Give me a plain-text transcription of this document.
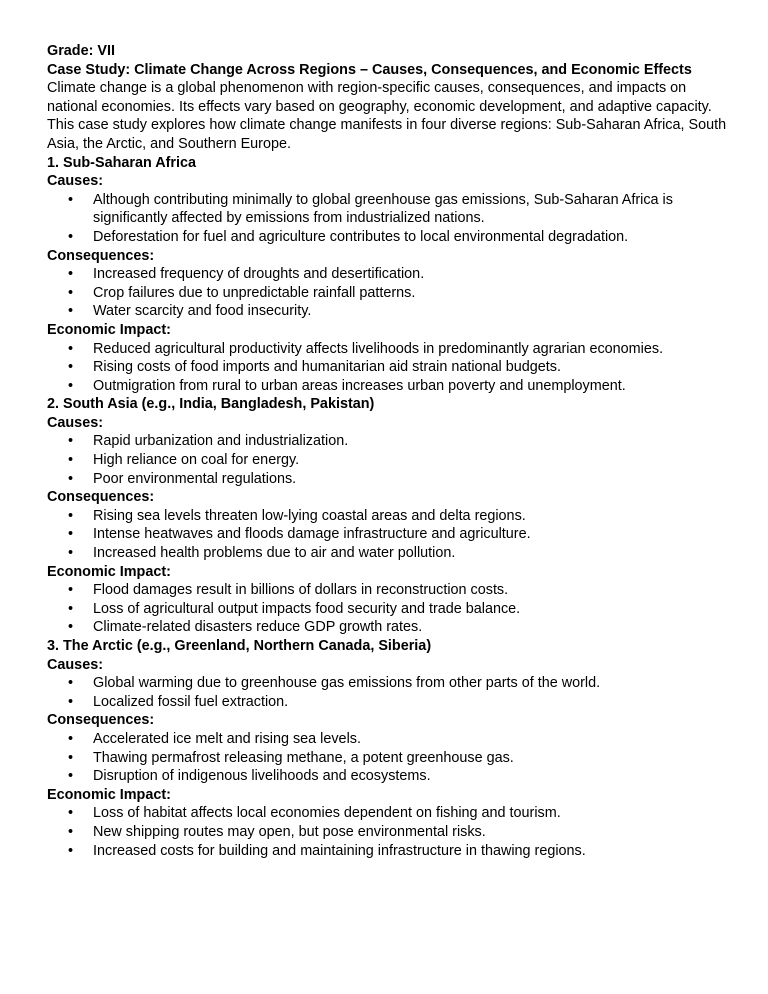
Grade: VII

Case Study: Climate Change Across Regions – Causes, Consequences, and Economic Effects

Climate change is a global phenomenon with region-specific causes, consequences, and impacts on national economies. Its effects vary based on geography, economic development, and adaptive capacity. This case study explores how climate change manifests in four diverse regions: Sub-Saharan Africa, South Asia, the Arctic, and Southern Europe.

1. Sub-Saharan Africa

Causes:

• Although contributing minimally to global greenhouse gas emissions, Sub-Saharan Africa is significantly affected by emissions from industrialized nations.
• Deforestation for fuel and agriculture contributes to local environmental degradation.

Consequences:

• Increased frequency of droughts and desertification.
• Crop failures due to unpredictable rainfall patterns.
• Water scarcity and food insecurity.

Economic Impact:

• Reduced agricultural productivity affects livelihoods in predominantly agrarian economies.
• Rising costs of food imports and humanitarian aid strain national budgets.
• Outmigration from rural to urban areas increases urban poverty and unemployment.

2. South Asia (e.g., India, Bangladesh, Pakistan)

Causes:

• Rapid urbanization and industrialization.
• High reliance on coal for energy.
• Poor environmental regulations.

Consequences:

• Rising sea levels threaten low-lying coastal areas and delta regions.
• Intense heatwaves and floods damage infrastructure and agriculture.
• Increased health problems due to air and water pollution.

Economic Impact:

• Flood damages result in billions of dollars in reconstruction costs.
• Loss of agricultural output impacts food security and trade balance.
• Climate-related disasters reduce GDP growth rates.

3. The Arctic (e.g., Greenland, Northern Canada, Siberia)

Causes:

• Global warming due to greenhouse gas emissions from other parts of the world.
• Localized fossil fuel extraction.

Consequences:

• Accelerated ice melt and rising sea levels.
• Thawing permafrost releasing methane, a potent greenhouse gas.
• Disruption of indigenous livelihoods and ecosystems.

Economic Impact:

• Loss of habitat affects local economies dependent on fishing and tourism.
• New shipping routes may open, but pose environmental risks.
• Increased costs for building and maintaining infrastructure in thawing regions.
